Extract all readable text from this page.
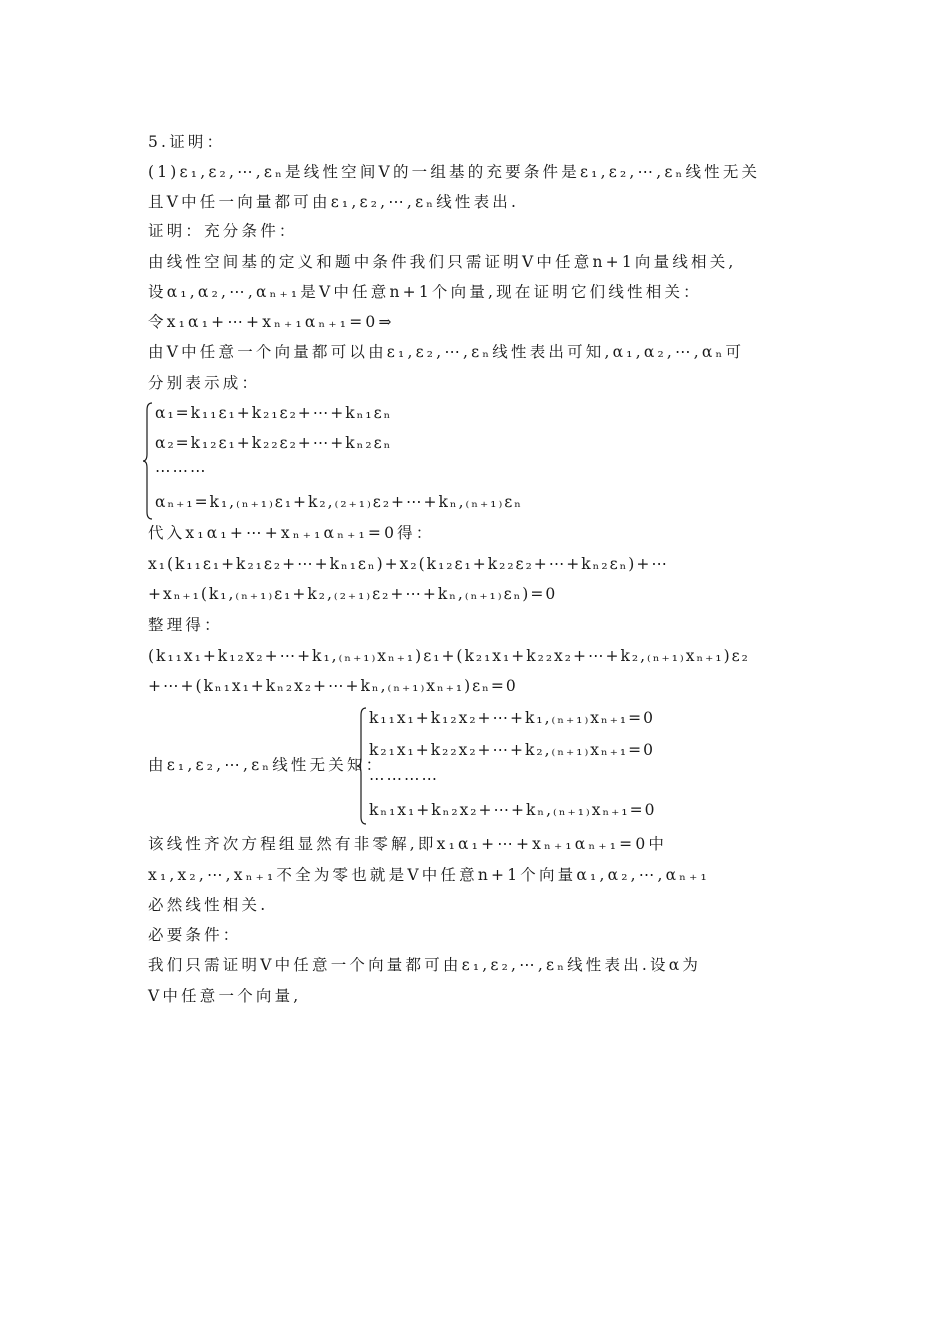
5.证明：
(1)ε₁,ε₂,⋯,εₙ是线性空间V的一组基的充要条件是ε₁,ε₂,⋯,εₙ线性无关
且V中任一向量都可由ε₁,ε₂,⋯,εₙ线性表出.
证明：充分条件：
由线性空间基的定义和题中条件我们只需证明V中任意n+1向量线相关,
设α₁,α₂,⋯,αₙ₊₁是V中任意n+1个向量,现在证明它们线性相关：
令x₁α₁+⋯+xₙ₊₁αₙ₊₁=0⇒
由V中任意一个向量都可以由ε₁,ε₂,⋯,εₙ线性表出可知,α₁,α₂,⋯,αₙ可
分别表示成：
α₁=k₁₁ε₁+k₂₁ε₂+⋯+kₙ₁εₙ
α₂=k₁₂ε₁+k₂₂ε₂+⋯+kₙ₂εₙ
⋯⋯⋯
αₙ₊₁=k₁,₍ₙ₊₁₎ε₁+k₂,₍₂₊₁₎ε₂+⋯+kₙ,₍ₙ₊₁₎εₙ
代入x₁α₁+⋯+xₙ₊₁αₙ₊₁=0得：
x₁(k₁₁ε₁+k₂₁ε₂+⋯+kₙ₁εₙ)+x₂(k₁₂ε₁+k₂₂ε₂+⋯+kₙ₂εₙ)+⋯
+xₙ₊₁(k₁,₍ₙ₊₁₎ε₁+k₂,₍₂₊₁₎ε₂+⋯+kₙ,₍ₙ₊₁₎εₙ)=0
整理得：
(k₁₁x₁+k₁₂x₂+⋯+k₁,₍ₙ₊₁₎xₙ₊₁)ε₁+(k₂₁x₁+k₂₂x₂+⋯+k₂,₍ₙ₊₁₎xₙ₊₁)ε₂
+⋯+(kₙ₁x₁+kₙ₂x₂+⋯+kₙ,₍ₙ₊₁₎xₙ₊₁)εₙ=0
由ε₁,ε₂,⋯,εₙ线性无关知：
k₁₁x₁+k₁₂x₂+⋯+k₁,₍ₙ₊₁₎xₙ₊₁=0
k₂₁x₁+k₂₂x₂+⋯+k₂,₍ₙ₊₁₎xₙ₊₁=0
⋯⋯⋯⋯
kₙ₁x₁+kₙ₂x₂+⋯+kₙ,₍ₙ₊₁₎xₙ₊₁=0
该线性齐次方程组显然有非零解,即x₁α₁+⋯+xₙ₊₁αₙ₊₁=0中
x₁,x₂,⋯,xₙ₊₁不全为零也就是V中任意n+1个向量α₁,α₂,⋯,αₙ₊₁
必然线性相关.
必要条件：
我们只需证明V中任意一个向量都可由ε₁,ε₂,⋯,εₙ线性表出.设α为
V中任意一个向量,
